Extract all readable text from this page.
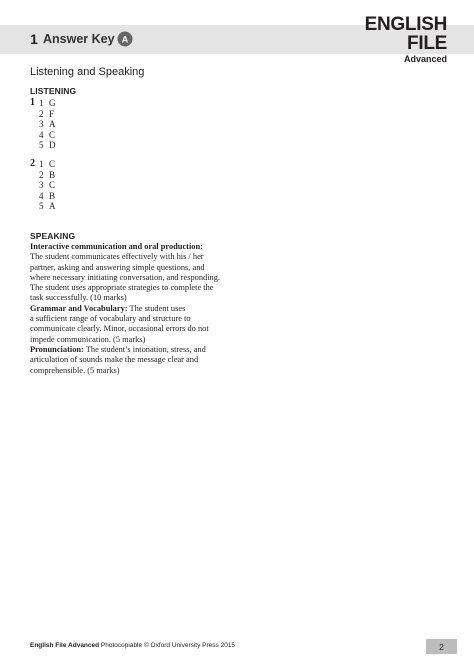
1 Answer Key A
ENGLISH FILE
Advanced
Listening and Speaking
LISTENING
1 1 G
2 F
3 A
4 C
5 D
2 1 C
2 B
3 C
4 B
5 A
SPEAKING

Interactive communication and oral production:

The student communicates effectively with his / her

partner, asking and answering simple questions, and

where necessary initiating conversation, and responding.

The student uses appropriate strategies to complete the

task successfully. (10 marks)

Grammar and Vocabulary: The student uses

a sufficient range of vocabulary and structure to

communicate clearly. Minor, occasional errors do not

impede communication. (5 marks)

Pronunciation: The student’s intonation, stress, and

articulation of sounds make the message clear and

comprehensible. (5 marks)

English File Advanced Photocopiable © Oxford University Press 2015	2
